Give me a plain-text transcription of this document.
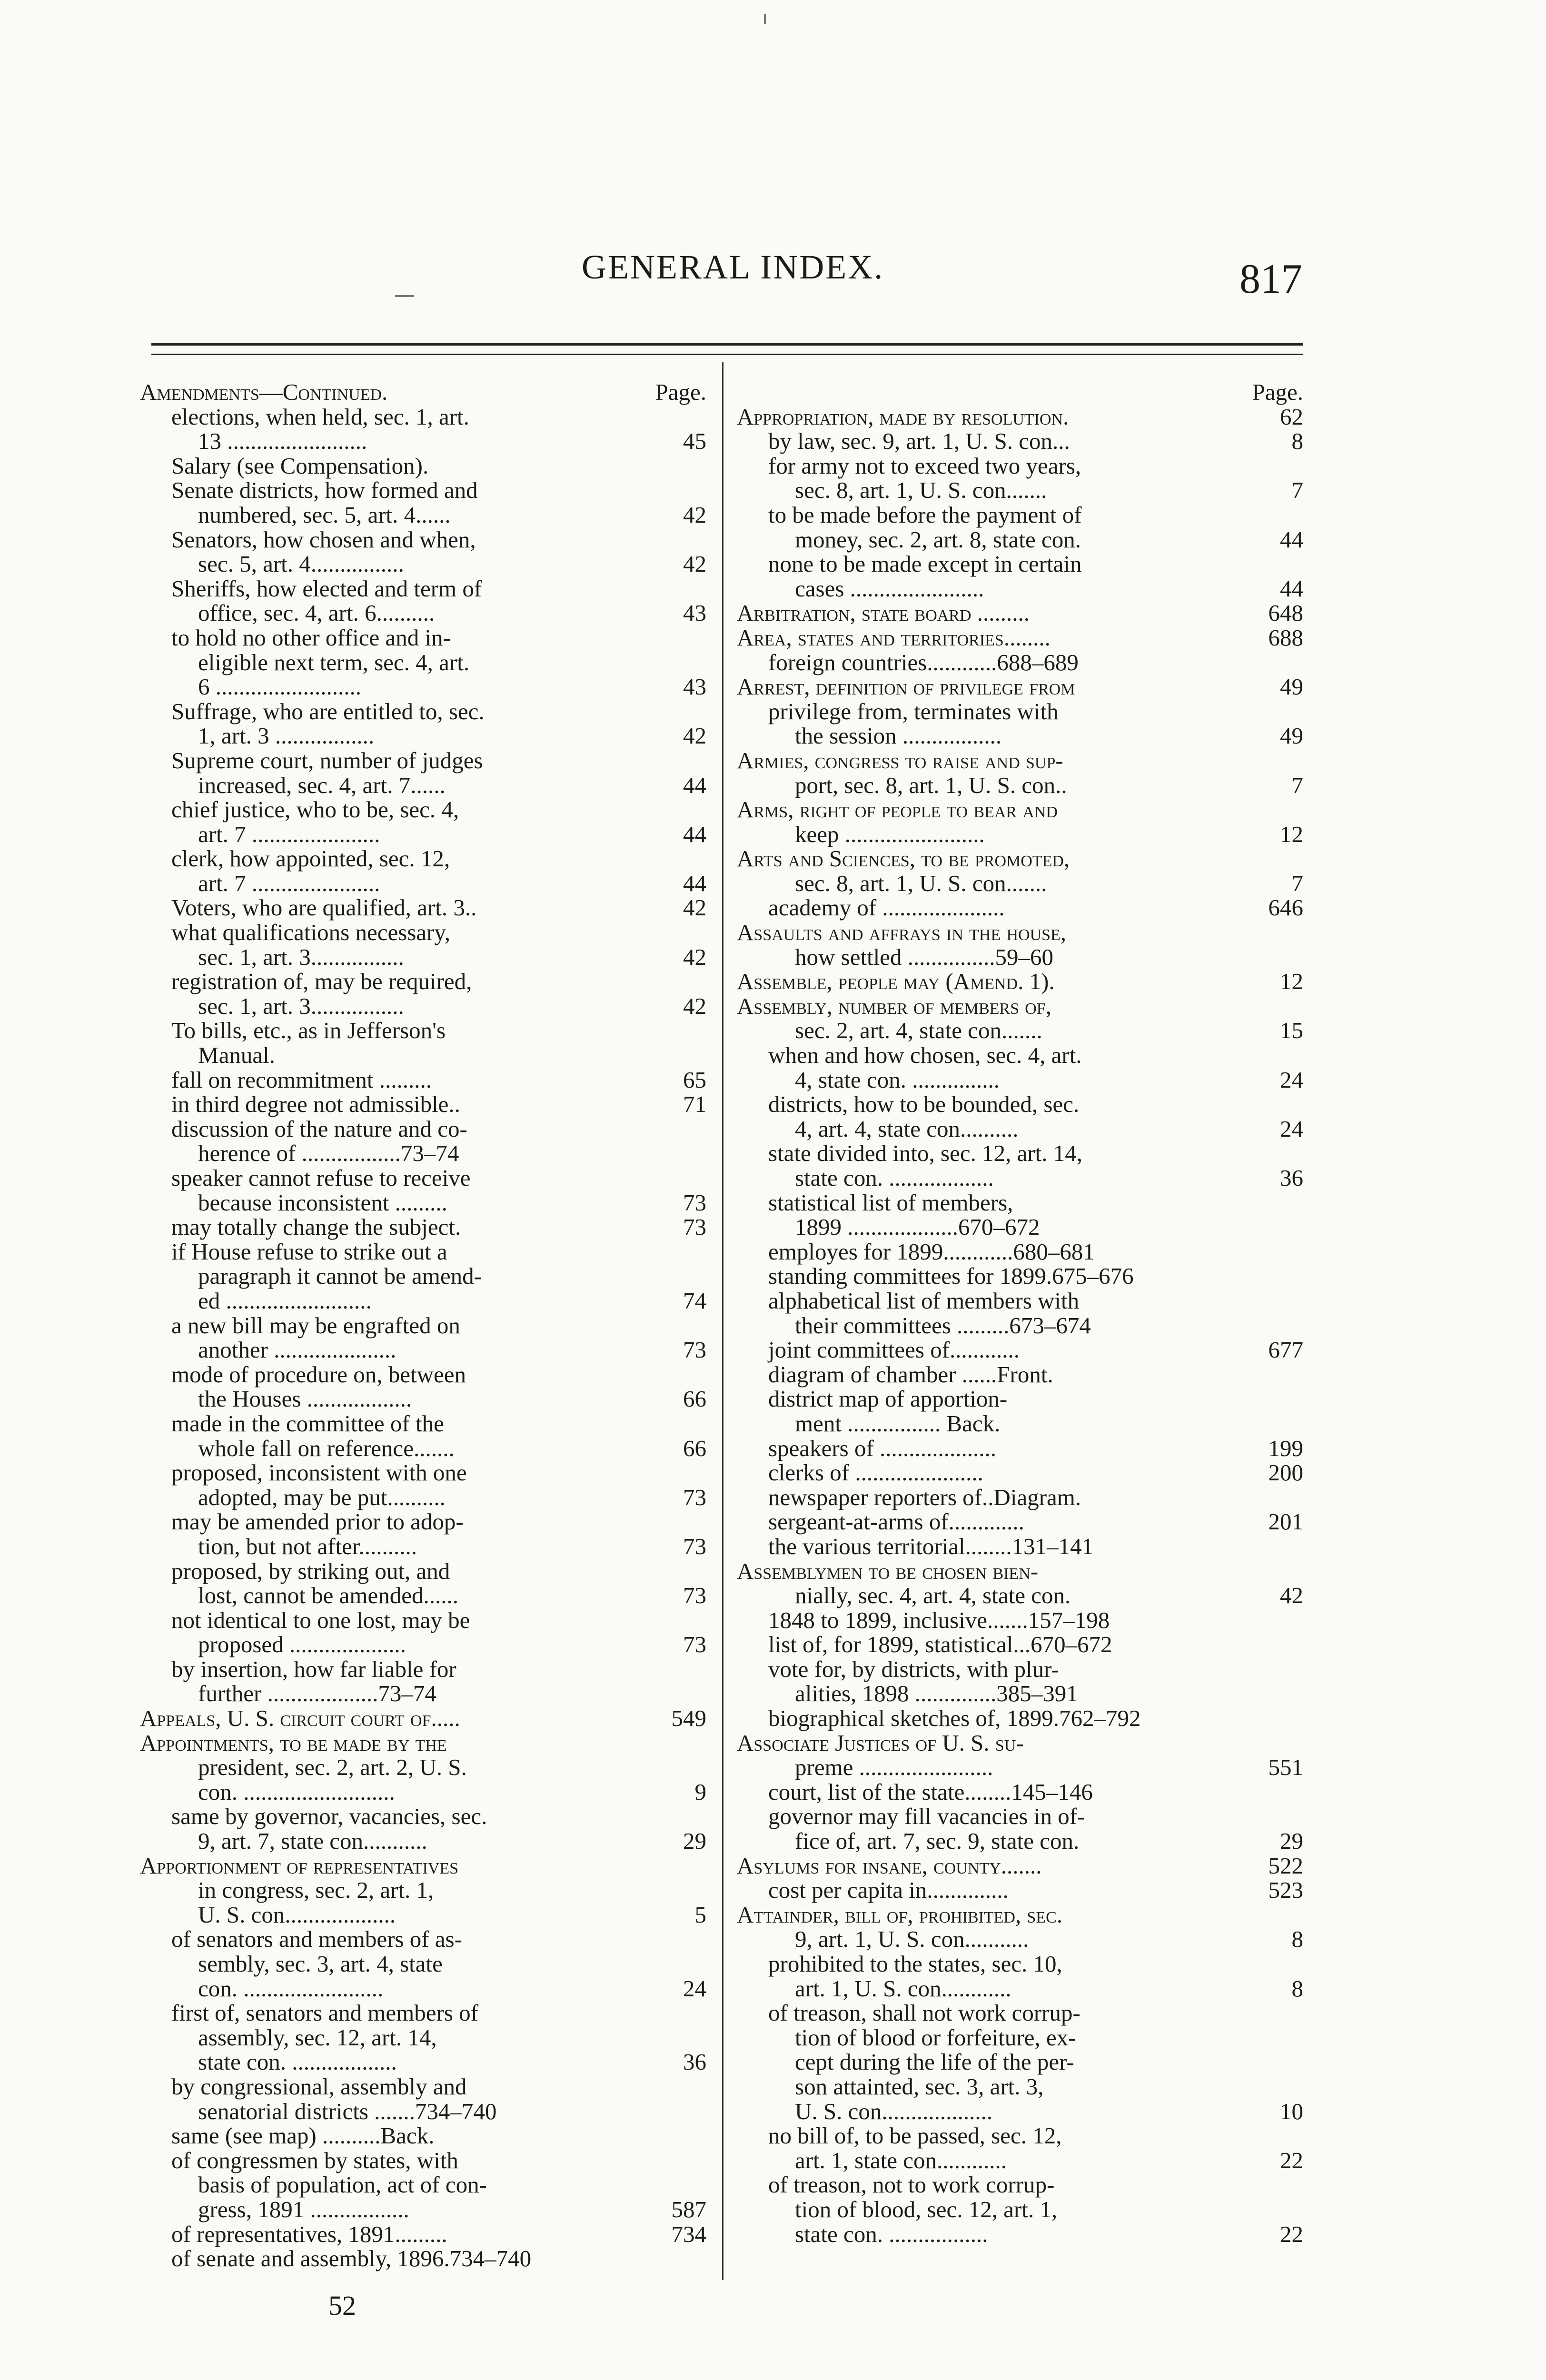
GENERAL INDEX.	817
Amendments—Continued.	Page.
elections, when held, sec. 1, art.
13 ........................	45
Salary (see Compensation).
Senate districts, how formed and
numbered, sec. 5, art. 4......	42
Senators, how chosen and when,
sec. 5, art. 4................	42
Sheriffs, how elected and term of
office, sec. 4, art. 6..........	43
to hold no other office and in-
eligible next term, sec. 4, art.
6 .........................	43
Suffrage, who are entitled to, sec.
1, art. 3 .................	42
Supreme court, number of judges
increased, sec. 4, art. 7......	44
chief justice, who to be, sec. 4,
art. 7 ......................	44
clerk, how appointed, sec. 12,
art. 7 ......................	44
Voters, who are qualified, art. 3..	42
what qualifications necessary,
sec. 1, art. 3................	42
registration of, may be required,
sec. 1, art. 3................	42
To bills, etc., as in Jefferson's
Manual.
fall on recommitment .........	65
in third degree not admissible..	71
discussion of the nature and co-
herence of .................73–74
speaker cannot refuse to receive
because inconsistent .........	73
may totally change the subject.	73
if House refuse to strike out a
paragraph it cannot be amend-
ed .........................	74
a new bill may be engrafted on
another .....................	73
mode of procedure on, between
the Houses ..................	66
made in the committee of the
whole fall on reference.......	66
proposed, inconsistent with one
adopted, may be put..........	73
may be amended prior to adop-
tion, but not after..........	73
proposed, by striking out, and
lost, cannot be amended......	73
not identical to one lost, may be
proposed ....................	73
by insertion, how far liable for
further ...................73–74
Appeals, U. S. circuit court of.....	549
Appointments, to be made by the
president, sec. 2, art. 2, U. S.
con. ..........................	9
same by governor, vacancies, sec.
9, art. 7, state con...........	29
Apportionment of representatives
in congress, sec. 2, art. 1,
U. S. con...................	5
of senators and members of as-
sembly, sec. 3, art. 4, state
con. ........................	24
first of, senators and members of
assembly, sec. 12, art. 14,
state con. ..................	36
by congressional, assembly and
senatorial districts .......734–740
same (see map) ..........Back.
of congressmen by states, with
basis of population, act of con-
gress, 1891 .................	587
of representatives, 1891.........	734
of senate and assembly, 1896.734–740
Page.
Appropriation, made by resolution.	62
by law, sec. 9, art. 1, U. S. con...	8
for army not to exceed two years,
sec. 8, art. 1, U. S. con.......	7
to be made before the payment of
money, sec. 2, art. 8, state con.	44
none to be made except in certain
cases .......................	44
Arbitration, state board .........	648
Area, states and territories........	688
foreign countries............688–689
Arrest, definition of privilege from	49
privilege from, terminates with
the session .................	49
Armies, congress to raise and sup-
port, sec. 8, art. 1, U. S. con..	7
Arms, right of people to bear and
keep ........................	12
Arts and Sciences, to be promoted,
sec. 8, art. 1, U. S. con.......	7
academy of .....................	646
Assaults and affrays in the house,
how settled ...............59–60
Assemble, people may (Amend. 1).	12
Assembly, number of members of,
sec. 2, art. 4, state con.......	15
when and how chosen, sec. 4, art.
4, state con. ...............	24
districts, how to be bounded, sec.
4, art. 4, state con..........	24
state divided into, sec. 12, art. 14,
state con. ..................	36
statistical list of members,
1899 ...................670–672
employes for 1899............680–681
standing committees for 1899.675–676
alphabetical list of members with
their committees .........673–674
joint committees of............	677
diagram of chamber ......Front.
district map of apportion-
ment ................ Back.
speakers of ....................	199
clerks of ......................	200
newspaper reporters of..Diagram.
sergeant-at-arms of.............	201
the various territorial........131–141
Assemblymen to be chosen bien-
nially, sec. 4, art. 4, state con.	42
1848 to 1899, inclusive.......157–198
list of, for 1899, statistical...670–672
vote for, by districts, with plur-
alities, 1898 ..............385–391
biographical sketches of, 1899.762–792
Associate Justices of U. S. su-
preme .......................	551
court, list of the state........145–146
governor may fill vacancies in of-
fice of, art. 7, sec. 9, state con.	29
Asylums for insane, county.......	522
cost per capita in..............	523
Attainder, bill of, prohibited, sec.
9, art. 1, U. S. con...........	8
prohibited to the states, sec. 10,
art. 1, U. S. con............	8
of treason, shall not work corrup-
tion of blood or forfeiture, ex-
cept during the life of the per-
son attainted, sec. 3, art. 3,
U. S. con...................	10
no bill of, to be passed, sec. 12,
art. 1, state con............	22
of treason, not to work corrup-
tion of blood, sec. 12, art. 1,
state con. .................	22
52
